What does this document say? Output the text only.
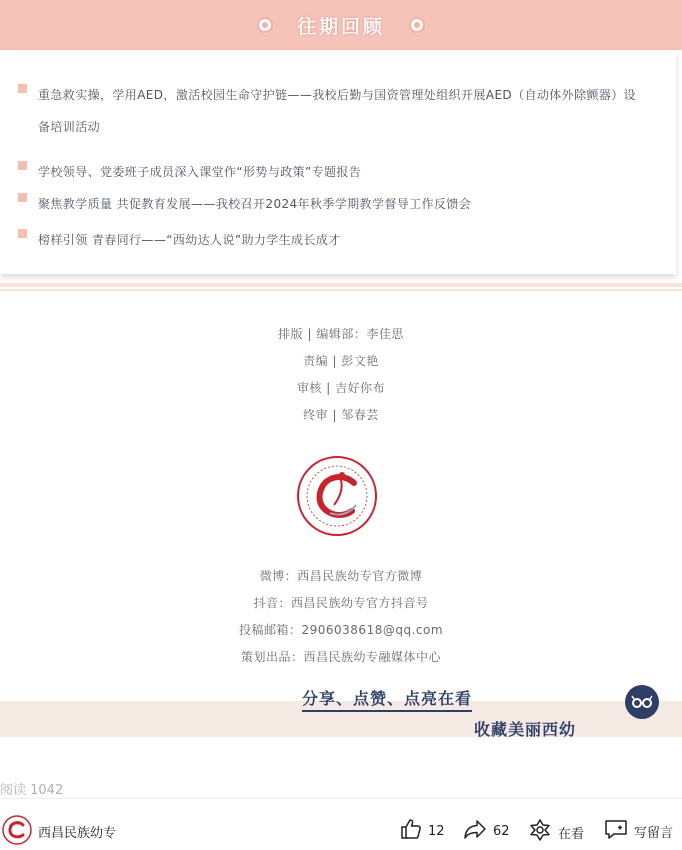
往期回顾
重急救实操，学用AED，激活校园生命守护链——我校后勤与国资管理处组织开展AED（自动体外除颤器）设
备培训活动
学校领导、党委班子成员深入课堂作“形势与政策”专题报告
聚焦教学质量 共促教育发展——我校召开2024年秋季学期教学督导工作反馈会
榜样引领 青春同行——“西幼达人说”助力学生成长成才
排版 | 编辑部：李佳思
责编 | 彭文艳
审核 | 吉好你布
终审 | 邹春芸
微博：西昌民族幼专官方微博
抖音：西昌民族幼专官方抖音号
投稿邮箱：2906038618@qq.com
策划出品：西昌民族幼专融媒体中心
分享、点赞、点亮在看
收藏美丽西幼
阅读 1042
西昌民族幼专	12	62	在看	写留言
